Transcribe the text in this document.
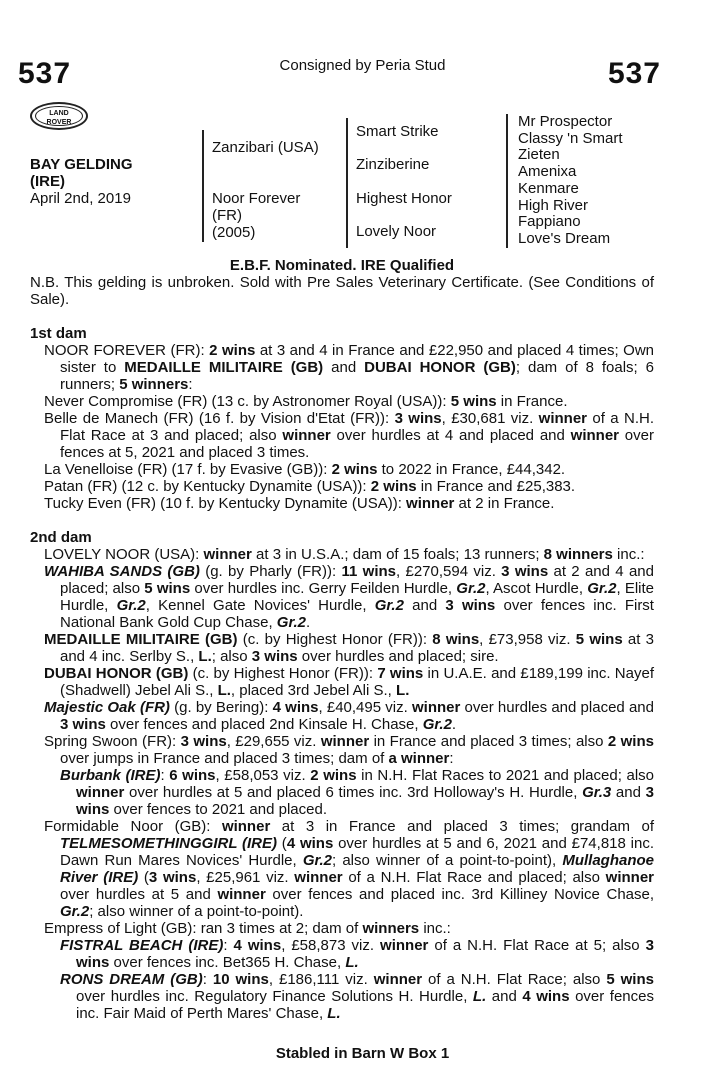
537	537
Consigned by Peria Stud
LAND ROVER
BAY GELDING
(IRE)
April 2nd, 2019
Zanzibari (USA)
Noor Forever
(FR)
(2005)
Smart Strike
Zinziberine
Highest Honor
Lovely Noor
Mr Prospector
Classy 'n Smart
Zieten
Amenixa
Kenmare
High River
Fappiano
Love's Dream

E.B.F. Nominated. IRE Qualified

N.B. This gelding is unbroken. Sold with Pre Sales Veterinary Certificate. (See Conditions of Sale).

1st dam

NOOR FOREVER (FR): 2 wins at 3 and 4 in France and £22,950 and placed 4 times; Own sister to MEDAILLE MILITAIRE (GB) and DUBAI HONOR (GB); dam of 8 foals; 6 runners; 5 winners:

Never Compromise (FR) (13 c. by Astronomer Royal (USA)): 5 wins in France.

Belle de Manech (FR) (16 f. by Vision d'Etat (FR)): 3 wins, £30,681 viz. winner of a N.H. Flat Race at 3 and placed; also winner over hurdles at 4 and placed and winner over fences at 5, 2021 and placed 3 times.

La Venelloise (FR) (17 f. by Evasive (GB)): 2 wins to 2022 in France, £44,342.

Patan (FR) (12 c. by Kentucky Dynamite (USA)): 2 wins in France and £25,383.

Tucky Even (FR) (10 f. by Kentucky Dynamite (USA)): winner at 2 in France.

2nd dam

LOVELY NOOR (USA): winner at 3 in U.S.A.; dam of 15 foals; 13 runners; 8 winners inc.:

WAHIBA SANDS (GB) (g. by Pharly (FR)): 11 wins, £270,594 viz. 3 wins at 2 and 4 and placed; also 5 wins over hurdles inc. Gerry Feilden Hurdle, Gr.2, Ascot Hurdle, Gr.2, Elite Hurdle, Gr.2, Kennel Gate Novices' Hurdle, Gr.2 and 3 wins over fences inc. First National Bank Gold Cup Chase, Gr.2.

MEDAILLE MILITAIRE (GB) (c. by Highest Honor (FR)): 8 wins, £73,958 viz. 5 wins at 3 and 4 inc. Serlby S., L.; also 3 wins over hurdles and placed; sire.

DUBAI HONOR (GB) (c. by Highest Honor (FR)): 7 wins in U.A.E. and £189,199 inc. Nayef (Shadwell) Jebel Ali S., L., placed 3rd Jebel Ali S., L.

Majestic Oak (FR) (g. by Bering): 4 wins, £40,495 viz. winner over hurdles and placed and 3 wins over fences and placed 2nd Kinsale H. Chase, Gr.2.

Spring Swoon (FR): 3 wins, £29,655 viz. winner in France and placed 3 times; also 2 wins over jumps in France and placed 3 times; dam of a winner:

Burbank (IRE): 6 wins, £58,053 viz. 2 wins in N.H. Flat Races to 2021 and placed; also winner over hurdles at 5 and placed 6 times inc. 3rd Holloway's H. Hurdle, Gr.3 and 3 wins over fences to 2021 and placed.

Formidable Noor (GB): winner at 3 in France and placed 3 times; grandam of TELMESOMETHINGGIRL (IRE) (4 wins over hurdles at 5 and 6, 2021 and £74,818 inc. Dawn Run Mares Novices' Hurdle, Gr.2; also winner of a point-to-point), Mullaghanoe River (IRE) (3 wins, £25,961 viz. winner of a N.H. Flat Race and placed; also winner over hurdles at 5 and winner over fences and placed inc. 3rd Killiney Novice Chase, Gr.2; also winner of a point-to-point).

Empress of Light (GB): ran 3 times at 2; dam of winners inc.:

FISTRAL BEACH (IRE): 4 wins, £58,873 viz. winner of a N.H. Flat Race at 5; also 3 wins over fences inc. Bet365 H. Chase, L.

RONS DREAM (GB): 10 wins, £186,111 viz. winner of a N.H. Flat Race; also 5 wins over hurdles inc. Regulatory Finance Solutions H. Hurdle, L. and 4 wins over fences inc. Fair Maid of Perth Mares' Chase, L.

Stabled in Barn W Box 1
